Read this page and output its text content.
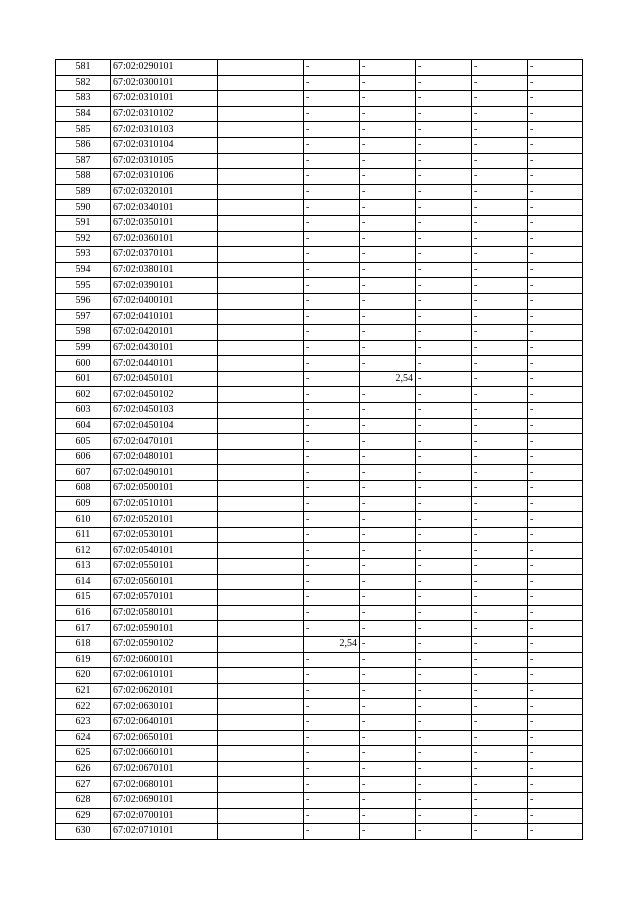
581	67:02:0290101		-	-	-	-	-
582	67:02:0300101		-	-	-	-	-
583	67:02:0310101		-	-	-	-	-
584	67:02:0310102		-	-	-	-	-
585	67:02:0310103		-	-	-	-	-
586	67:02:0310104		-	-	-	-	-
587	67:02:0310105		-	-	-	-	-
588	67:02:0310106		-	-	-	-	-
589	67:02:0320101		-	-	-	-	-
590	67:02:0340101		-	-	-	-	-
591	67:02:0350101		-	-	-	-	-
592	67:02:0360101		-	-	-	-	-
593	67:02:0370101		-	-	-	-	-
594	67:02:0380101		-	-	-	-	-
595	67:02:0390101		-	-	-	-	-
596	67:02:0400101		-	-	-	-	-
597	67:02:0410101		-	-	-	-	-
598	67:02:0420101		-	-	-	-	-
599	67:02:0430101		-	-	-	-	-
600	67:02:0440101		-	-	-	-	-
601	67:02:0450101		-	2,54	-	-	-
602	67:02:0450102		-	-	-	-	-
603	67:02:0450103		-	-	-	-	-
604	67:02:0450104		-	-	-	-	-
605	67:02:0470101		-	-	-	-	-
606	67:02:0480101		-	-	-	-	-
607	67:02:0490101		-	-	-	-	-
608	67:02:0500101		-	-	-	-	-
609	67:02:0510101		-	-	-	-	-
610	67:02:0520101		-	-	-	-	-
611	67:02:0530101		-	-	-	-	-
612	67:02:0540101		-	-	-	-	-
613	67:02:0550101		-	-	-	-	-
614	67:02:0560101		-	-	-	-	-
615	67:02:0570101		-	-	-	-	-
616	67:02:0580101		-	-	-	-	-
617	67:02:0590101		-	-	-	-	-
618	67:02:0590102		2,54	-	-	-	-
619	67:02:0600101		-	-	-	-	-
620	67:02:0610101		-	-	-	-	-
621	67:02:0620101		-	-	-	-	-
622	67:02:0630101		-	-	-	-	-
623	67:02:0640101		-	-	-	-	-
624	67:02:0650101		-	-	-	-	-
625	67:02:0660101		-	-	-	-	-
626	67:02:0670101		-	-	-	-	-
627	67:02:0680101		-	-	-	-	-
628	67:02:0690101		-	-	-	-	-
629	67:02:0700101		-	-	-	-	-
630	67:02:0710101		-	-	-	-	-
